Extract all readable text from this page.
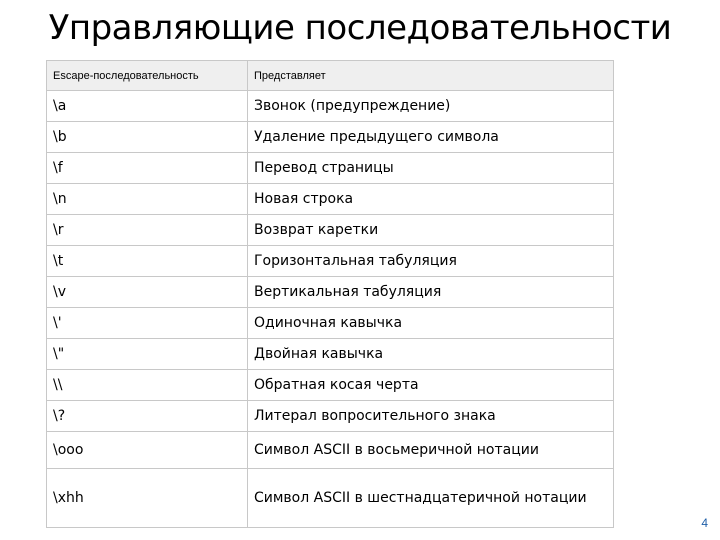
Управляющие последовательности
Escape-последовательность	Представляет
\a	Звонок (предупреждение)
\b	Удаление предыдущего символа
\f	Перевод страницы
\n	Новая строка
\r	Возврат каретки
\t	Горизонтальная табуляция
\v	Вертикальная табуляция
\'	Одиночная кавычка
\"	Двойная кавычка
\\	Обратная косая черта
\?	Литерал вопросительного знака
\ooo	Символ ASCII в восьмеричной нотации
\xhh	Символ ASCII в шестнадцатеричной нотации
4
